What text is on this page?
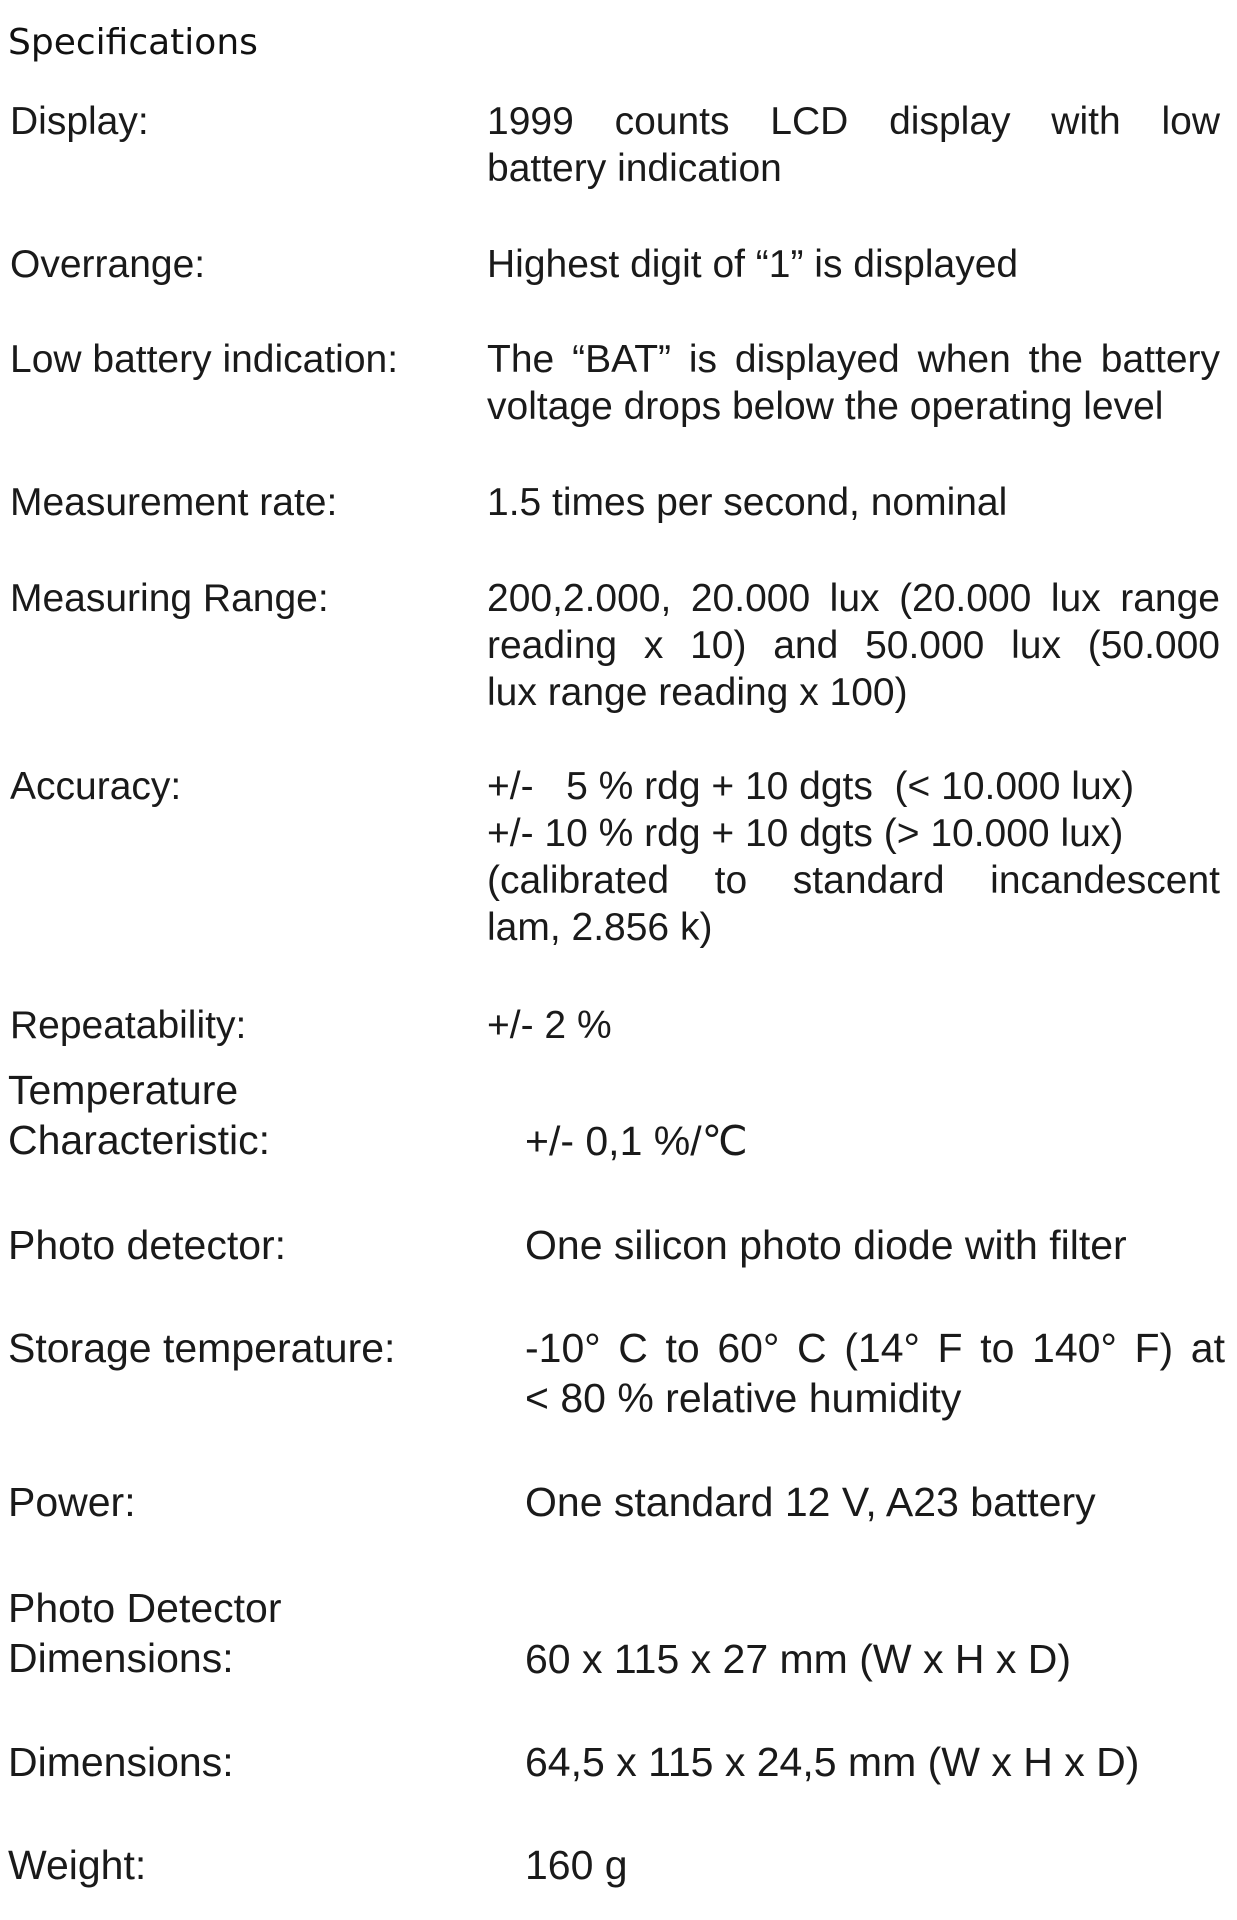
Specifications
Display:	1999 counts LCD display with low
battery indication
Overrange:	Highest digit of “1” is displayed
Low battery indication: The “BAT” is displayed when the battery
voltage drops below the operating level
Measurement rate:	1.5 times per second, nominal
Measuring Range:	200,2.000, 20.000 lux (20.000 lux range
reading x 10) and 50.000 lux (50.000
lux range reading x 100)
Accuracy:	+/-   5 % rdg + 10 dgts  (< 10.000 lux)
+/- 10 % rdg + 10 dgts (> 10.000 lux)
(calibrated to standard incandescent
lam, 2.856 k)
Repeatability:	+/- 2 %
Temperature
Characteristic:	+/- 0,1 %/℃
Photo detector:	One silicon photo diode with filter
Storage temperature:	-10° C to 60° C (14° F to 140° F) at
< 80 % relative humidity
Power:	One standard 12 V, A23 battery
Photo Detector
Dimensions:	60 x 115 x 27 mm (W x H x D)
Dimensions:	64,5 x 115 x 24,5 mm (W x H x D)
Weight:	160 g
